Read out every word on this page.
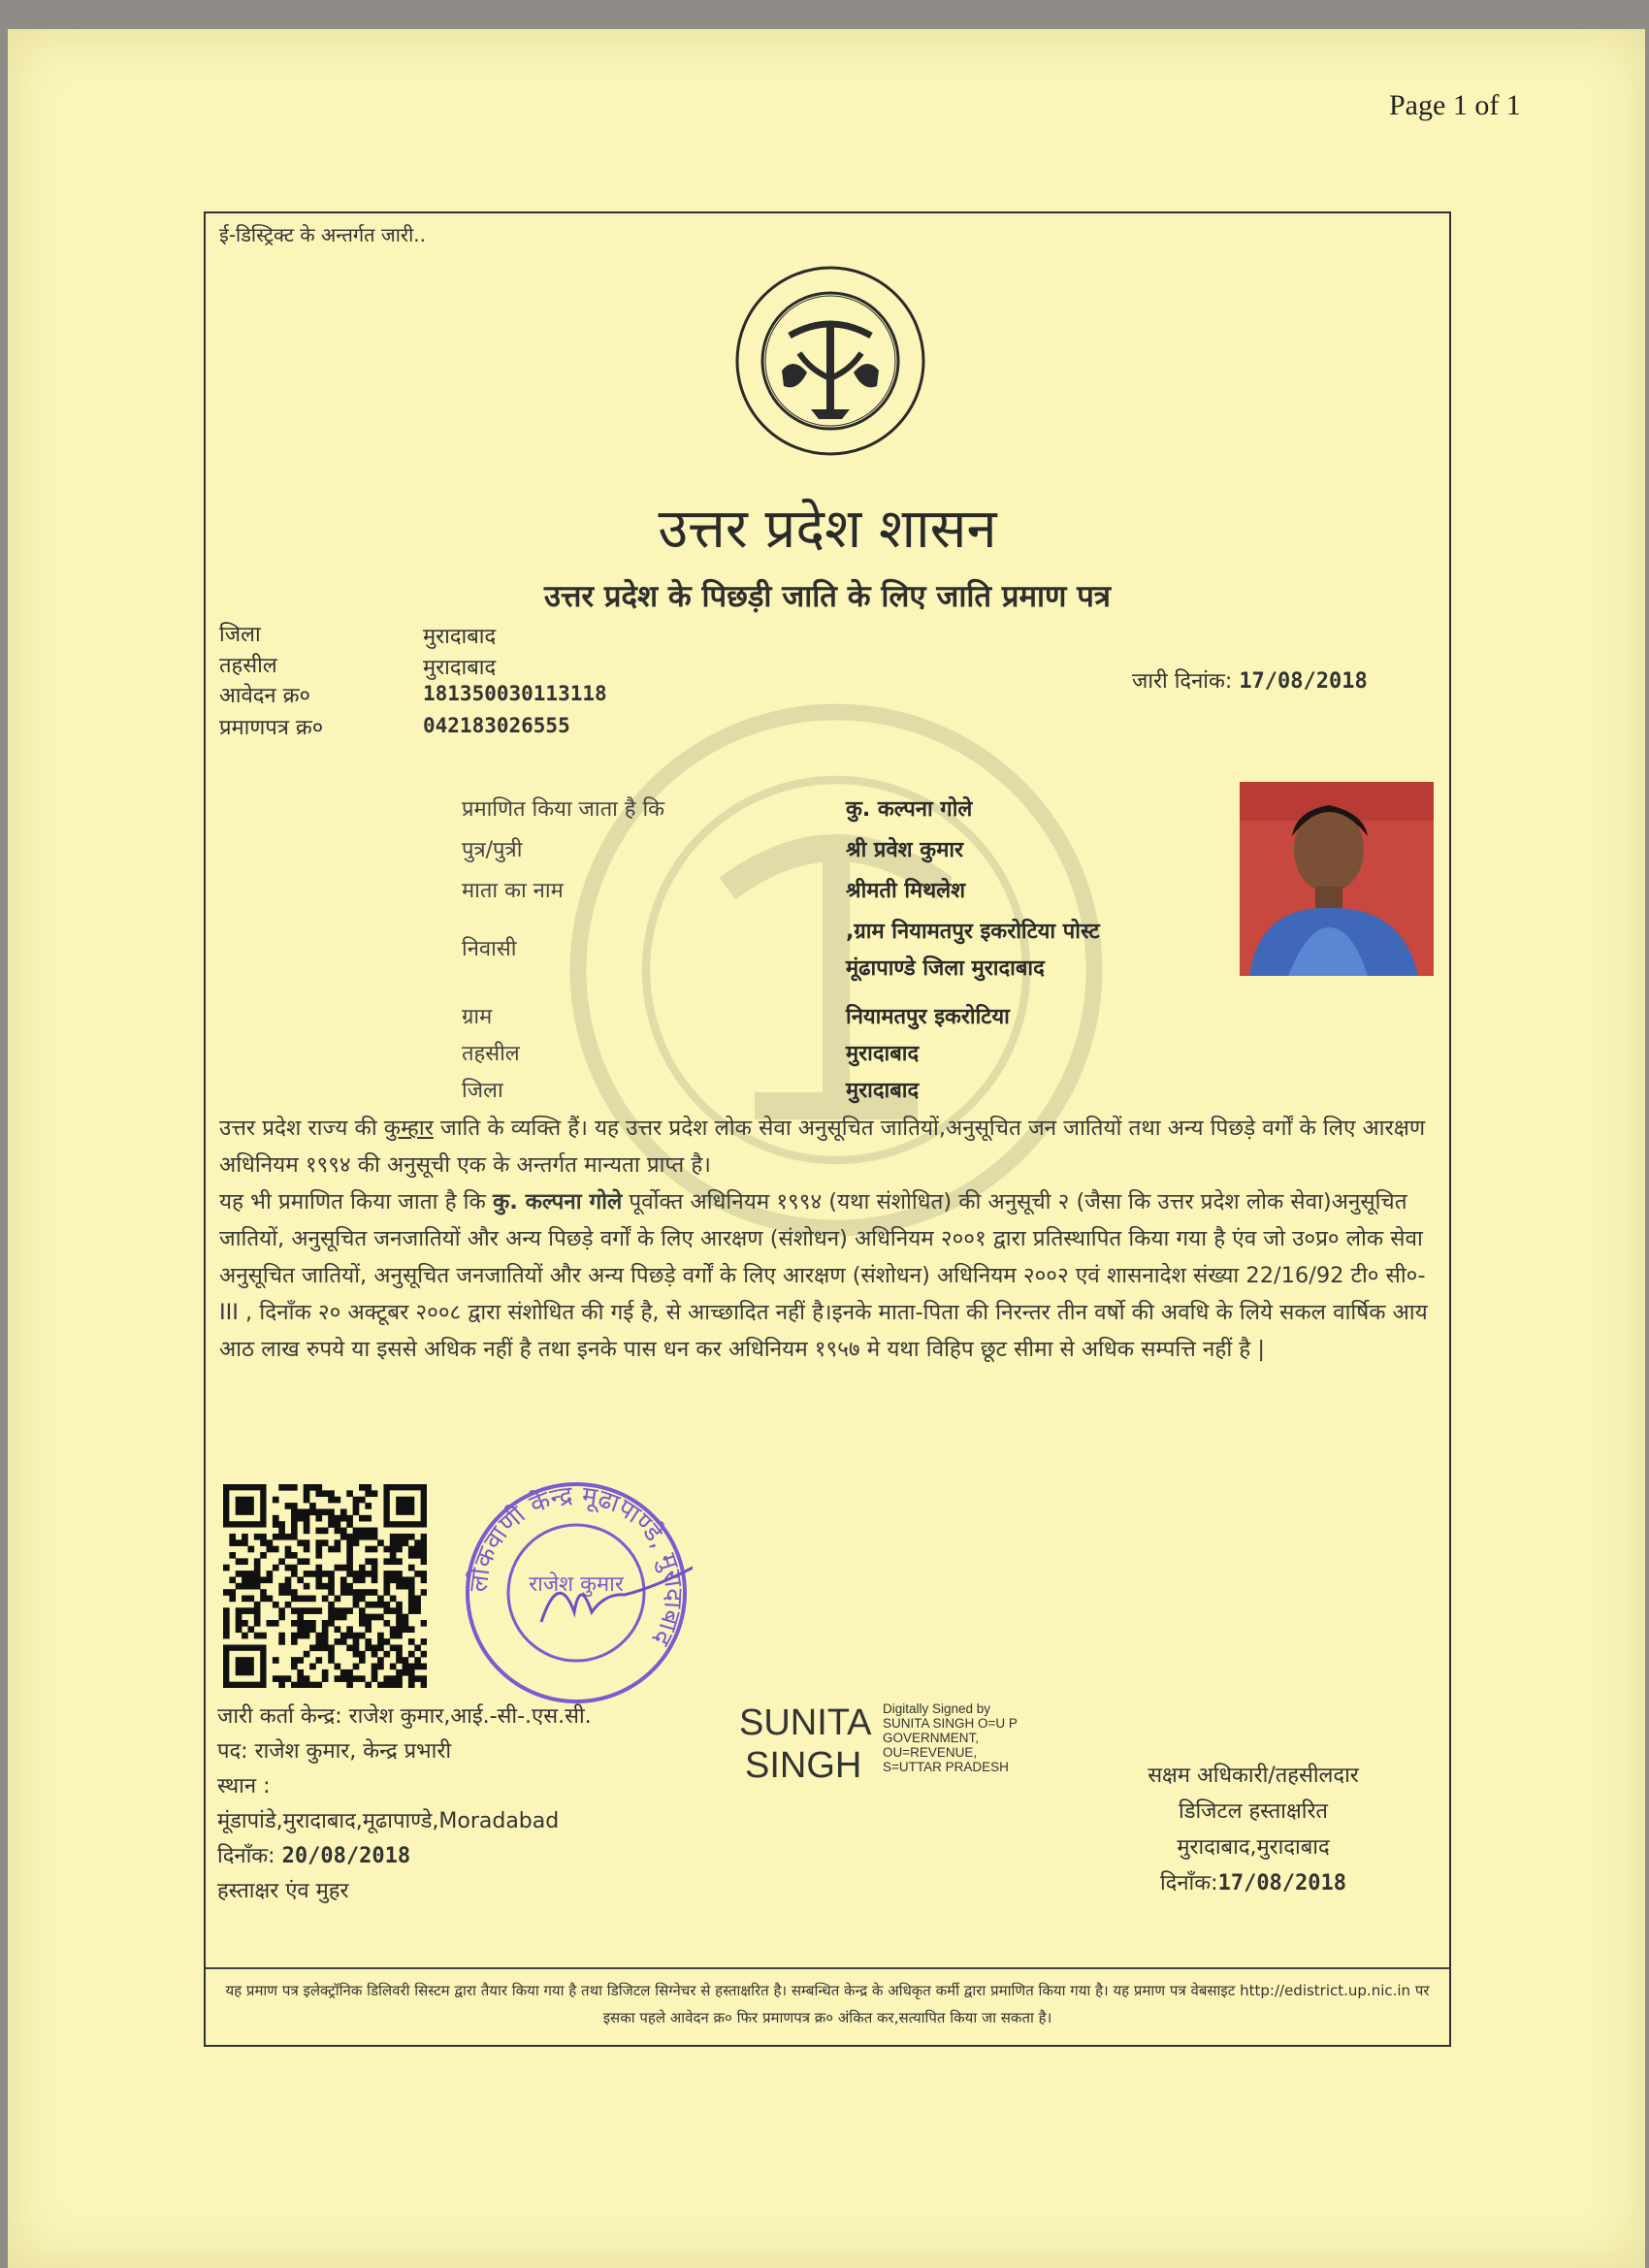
Page 1 of 1
ई-डिस्ट्रिक्ट के अन्तर्गत जारी..
उत्तर प्रदेश शासन
उत्तर प्रदेश के पिछड़ी जाति के लिए जाति प्रमाण पत्र
जिला	मुरादाबाद
तहसील	मुरादाबाद
आवेदन क्र०	181350030113118
प्रमाणपत्र क्र०	042183026555
जारी दिनांक: 17/08/2018
प्रमाणित किया जाता है कि	कु. कल्पना गोले
पुत्र/पुत्री	श्री प्रवेश कुमार
माता का नाम	श्रीमती मिथलेश
निवासी
,ग्राम नियामतपुर इकरोटिया पोस्ट
मूंढापाण्डे जिला मुरादाबाद
ग्राम	नियामतपुर इकरोटिया
तहसील	मुरादाबाद
जिला	मुरादाबाद
उत्तर प्रदेश राज्य की कुम्हार जाति के व्यक्ति हैं। यह उत्तर प्रदेश लोक सेवा अनुसूचित जातियों,अनुसूचित जन जातियों तथा अन्य पिछड़े वर्गों के लिए आरक्षण अधिनियम १९९४ की अनुसूची एक के अन्तर्गत मान्यता प्राप्त है।
यह भी प्रमाणित किया जाता है कि कु. कल्पना गोले पूर्वोक्त अधिनियम १९९४ (यथा संशोधित) की अनुसूची २ (जैसा कि उत्तर प्रदेश लोक सेवा)अनुसूचित जातियों, अनुसूचित जनजातियों और अन्य पिछड़े वर्गों के लिए आरक्षण (संशोधन) अधिनियम २००१ द्वारा प्रतिस्थापित किया गया है एंव जो उ०प्र० लोक सेवा अनुसूचित जातियों, अनुसूचित जनजातियों और अन्य पिछड़े वर्गों के लिए आरक्षण (संशोधन) अधिनियम २००२ एवं शासनादेश संख्या 22/16/92 टी० सी०-III , दिनाँक २० अक्टूबर २००८ द्वारा संशोधित की गई है, से आच्छादित नहीं है।इनके माता-पिता की निरन्तर तीन वर्षो की अवधि के लिये सकल वार्षिक आय आठ लाख रुपये या इससे अधिक नहीं है तथा इनके पास धन कर अधिनियम १९५७ मे यथा विहिप छूट सीमा से अधिक सम्पत्ति नहीं है |
लोकवाणी केन्द्र मूंढापाण्डे, मुरादाबाद
राजेश कुमार
SUNITA
SINGH
Digitally Signed by
SUNITA SINGH O=U P
GOVERNMENT,
OU=REVENUE,
S=UTTAR PRADESH
जारी कर्ता केन्द्र: राजेश कुमार,आई.-सी-.एस.सी.
पद: राजेश कुमार, केन्द्र प्रभारी
स्थान :
मूंडापांडे,मुरादाबाद,मूढापाण्डे,Moradabad
दिनाँक: 20/08/2018
हस्ताक्षर एंव मुहर
सक्षम अधिकारी/तहसीलदार
डिजिटल हस्ताक्षरित
मुरादाबाद,मुरादाबाद
दिनाँक:17/08/2018
यह प्रमाण पत्र इलेक्ट्रॉनिक डिलिवरी सिस्टम द्वारा तैयार किया गया है तथा डिजिटल सिग्नेचर से हस्ताक्षरित है। सम्बन्धित केन्द्र के अधिकृत कर्मी द्वारा प्रमाणित किया गया है। यह प्रमाण पत्र वेबसाइट http://edistrict.up.nic.in पर इसका पहले आवेदन क्र० फिर प्रमाणपत्र क्र० अंकित कर,सत्यापित किया जा सकता है।
